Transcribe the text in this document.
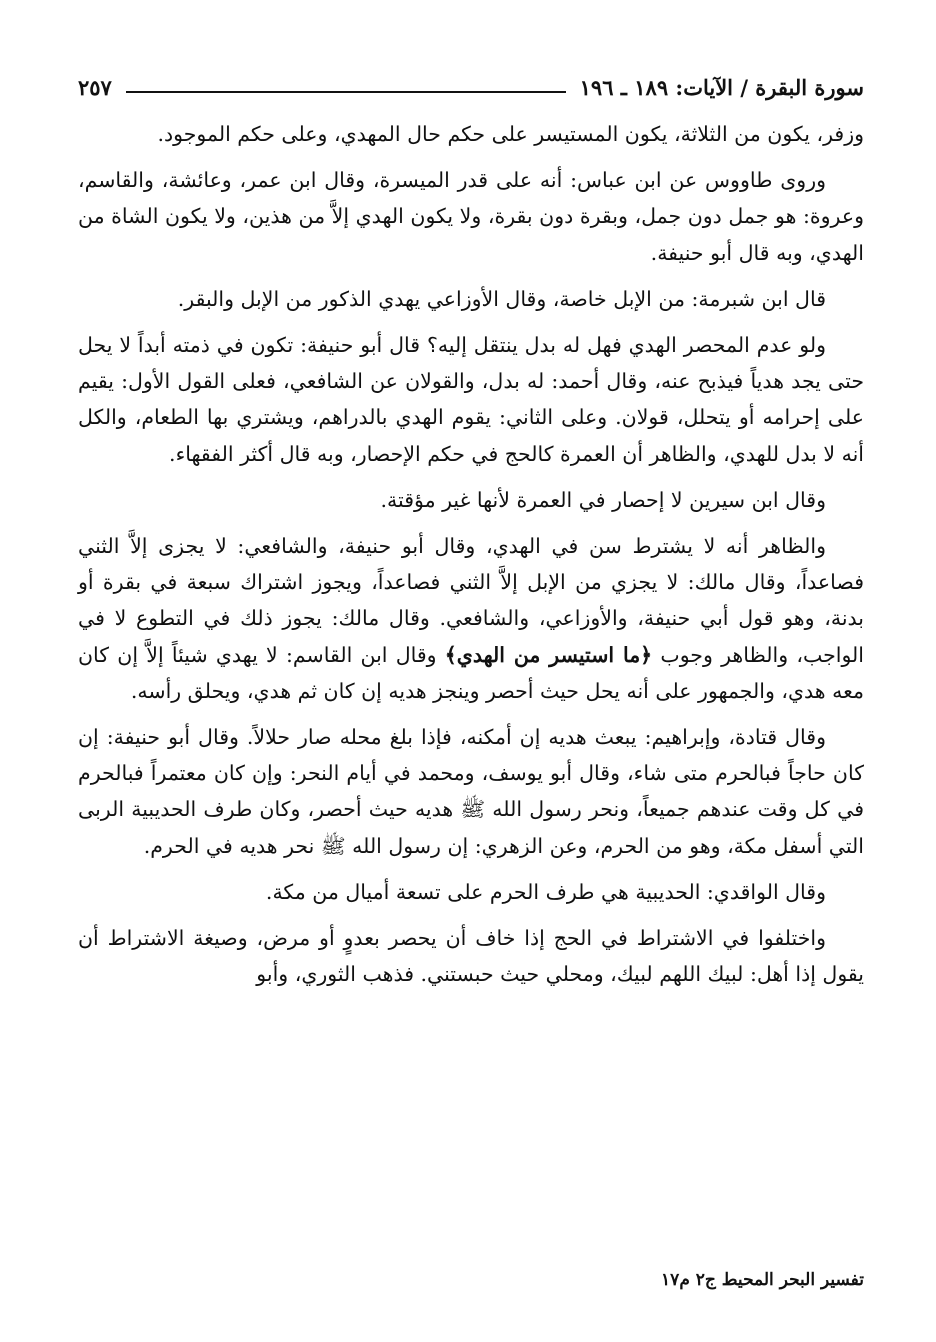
سورة البقرة / الآيات: ١٨٩ ـ ١٩٦
٢٥٧

وزفر، يكون من الثلاثة، يكون المستيسر على حكم حال المهدي، وعلى حكم الموجود.

وروى طاووس عن ابن عباس: أنه على قدر الميسرة، وقال ابن عمر، وعائشة، والقاسم، وعروة: هو جمل دون جمل، وبقرة دون بقرة، ولا يكون الهدي إلاَّ من هذين، ولا يكون الشاة من الهدي، وبه قال أبو حنيفة.

قال ابن شبرمة: من الإبل خاصة، وقال الأوزاعي يهدي الذكور من الإبل والبقر.

ولو عدم المحصر الهدي فهل له بدل ينتقل إليه؟ قال أبو حنيفة: تكون في ذمته أبداً لا يحل حتى يجد هدياً فيذبح عنه، وقال أحمد: له بدل، والقولان عن الشافعي، فعلى القول الأول: يقيم على إحرامه أو يتحلل، قولان. وعلى الثاني: يقوم الهدي بالدراهم، ويشتري بها الطعام، والكل أنه لا بدل للهدي، والظاهر أن العمرة كالحج في حكم الإحصار، وبه قال أكثر الفقهاء.

وقال ابن سيرين لا إحصار في العمرة لأنها غير مؤقتة.

والظاهر أنه لا يشترط سن في الهدي، وقال أبو حنيفة، والشافعي: لا يجزى إلاَّ الثني فصاعداً، وقال مالك: لا يجزي من الإبل إلاَّ الثني فصاعداً، ويجوز اشتراك سبعة في بقرة أو بدنة، وهو قول أبي حنيفة، والأوزاعي، والشافعي. وقال مالك: يجوز ذلك في التطوع لا في الواجب، والظاهر وجوب ﴿ما استيسر من الهدي﴾ وقال ابن القاسم: لا يهدي شيئاً إلاَّ إن كان معه هدي، والجمهور على أنه يحل حيث أحصر وينجز هديه إن كان ثم هدي، ويحلق رأسه.

وقال قتادة، وإبراهيم: يبعث هديه إن أمكنه، فإذا بلغ محله صار حلالاً. وقال أبو حنيفة: إن كان حاجاً فبالحرم متى شاء، وقال أبو يوسف، ومحمد في أيام النحر: وإن كان معتمراً فبالحرم في كل وقت عندهم جميعاً، ونحر رسول الله ﷺ هديه حيث أحصر، وكان طرف الحديبية الربى التي أسفل مكة، وهو من الحرم، وعن الزهري: إن رسول الله ﷺ نحر هديه في الحرم.

وقال الواقدي: الحديبية هي طرف الحرم على تسعة أميال من مكة.

واختلفوا في الاشتراط في الحج إذا خاف أن يحصر بعدوٍ أو مرض، وصيغة الاشتراط أن يقول إذا أهل: لبيك اللهم لبيك، ومحلي حيث حبستني. فذهب الثوري، وأبو

تفسير البحر المحيط ج٢ م١٧
